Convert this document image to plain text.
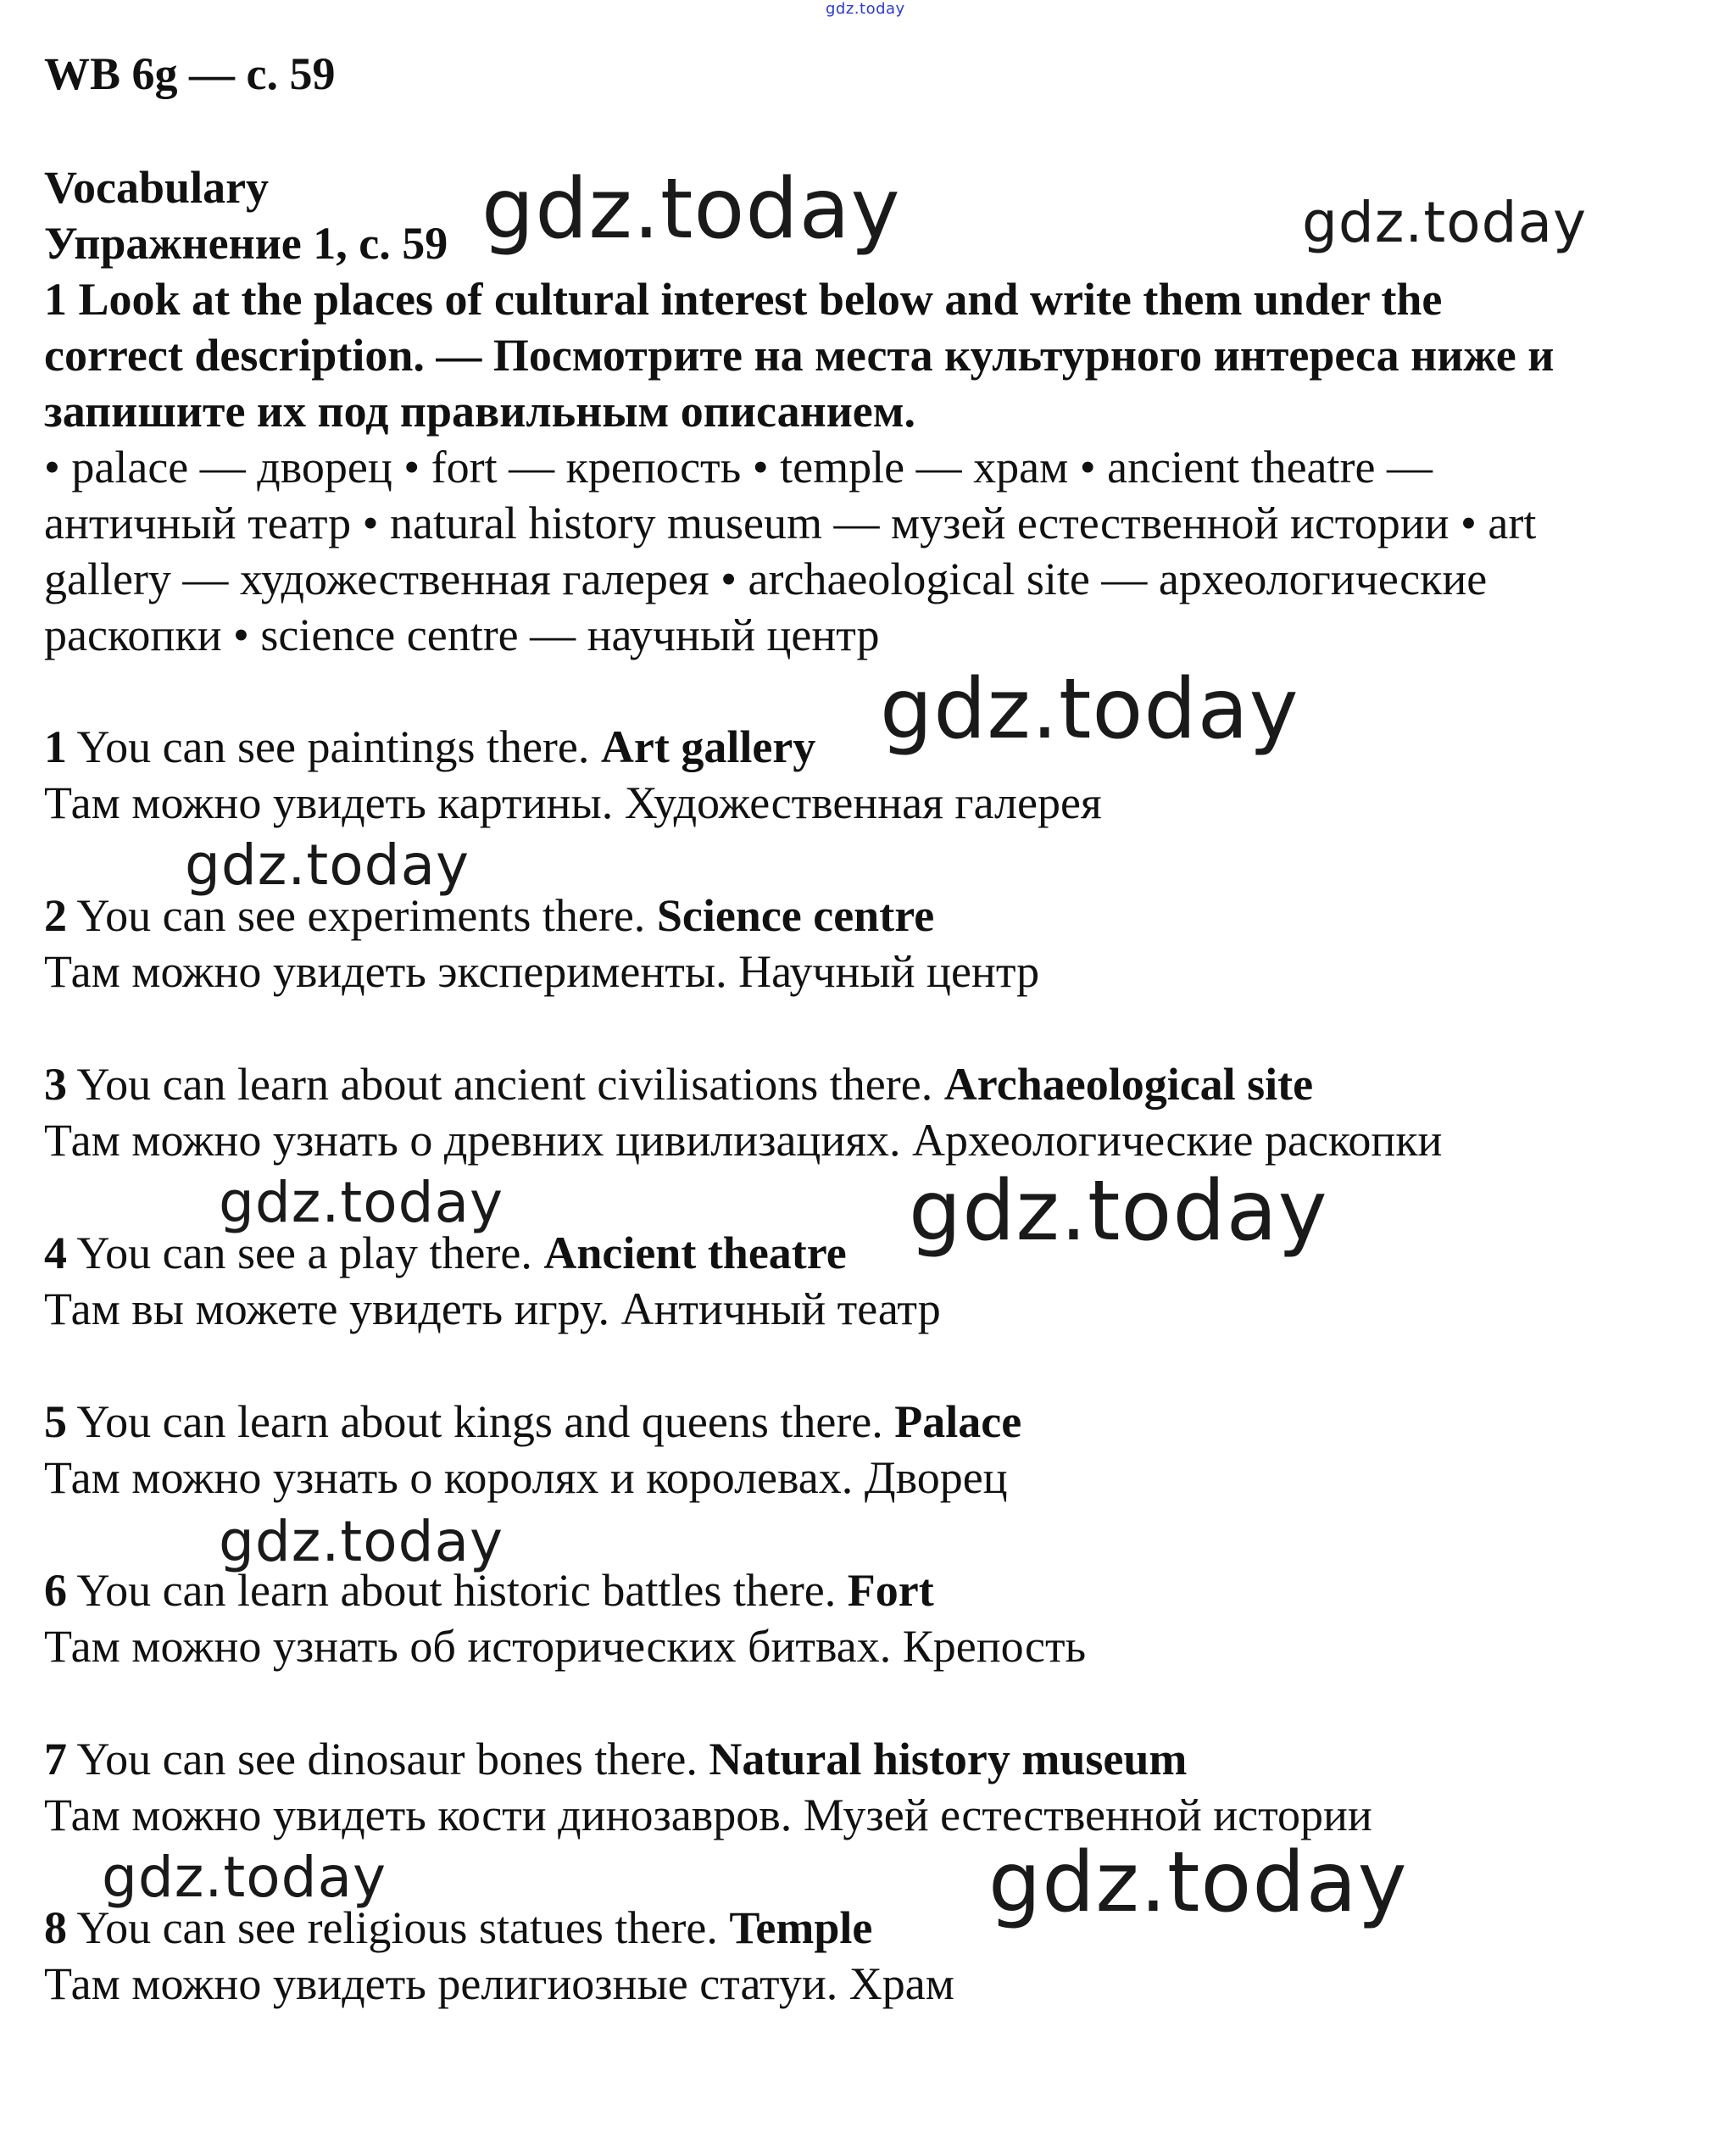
gdz.today
WB 6g — с. 59
Vocabulary
Упражнение 1, с. 59
1 Look at the places of cultural interest below and write them under the
correct description. — Посмотрите на места культурного интереса ниже и
запишите их под правильным описанием.
• palace — дворец • fort — крепость • temple — храм • ancient theatre —
античный театр • natural history museum — музей естественной истории • art
gallery — художественная галерея • archaeological site — археологические
раскопки • science centre — научный центр
1 You can see paintings there. Art gallery
Там можно увидеть картины. Художественная галерея
2 You can see experiments there. Science centre
Там можно увидеть эксперименты. Научный центр
3 You can learn about ancient civilisations there. Archaeological site
Там можно узнать о древних цивилизациях. Археологические раскопки
4 You can see a play there. Ancient theatre
Там вы можете увидеть игру. Античный театр
5 You can learn about kings and queens there. Palace
Там можно узнать о королях и королевах. Дворец
6 You can learn about historic battles there. Fort
Там можно узнать об исторических битвах. Крепость
7 You can see dinosaur bones there. Natural history museum
Там можно увидеть кости динозавров. Музей естественной истории
8 You can see religious statues there. Temple
Там можно увидеть религиозные статуи. Храм
gdz.today	gdz.today
gdz.today
gdz.today
gdz.today	gdz.today
gdz.today
gdz.today	gdz.today
